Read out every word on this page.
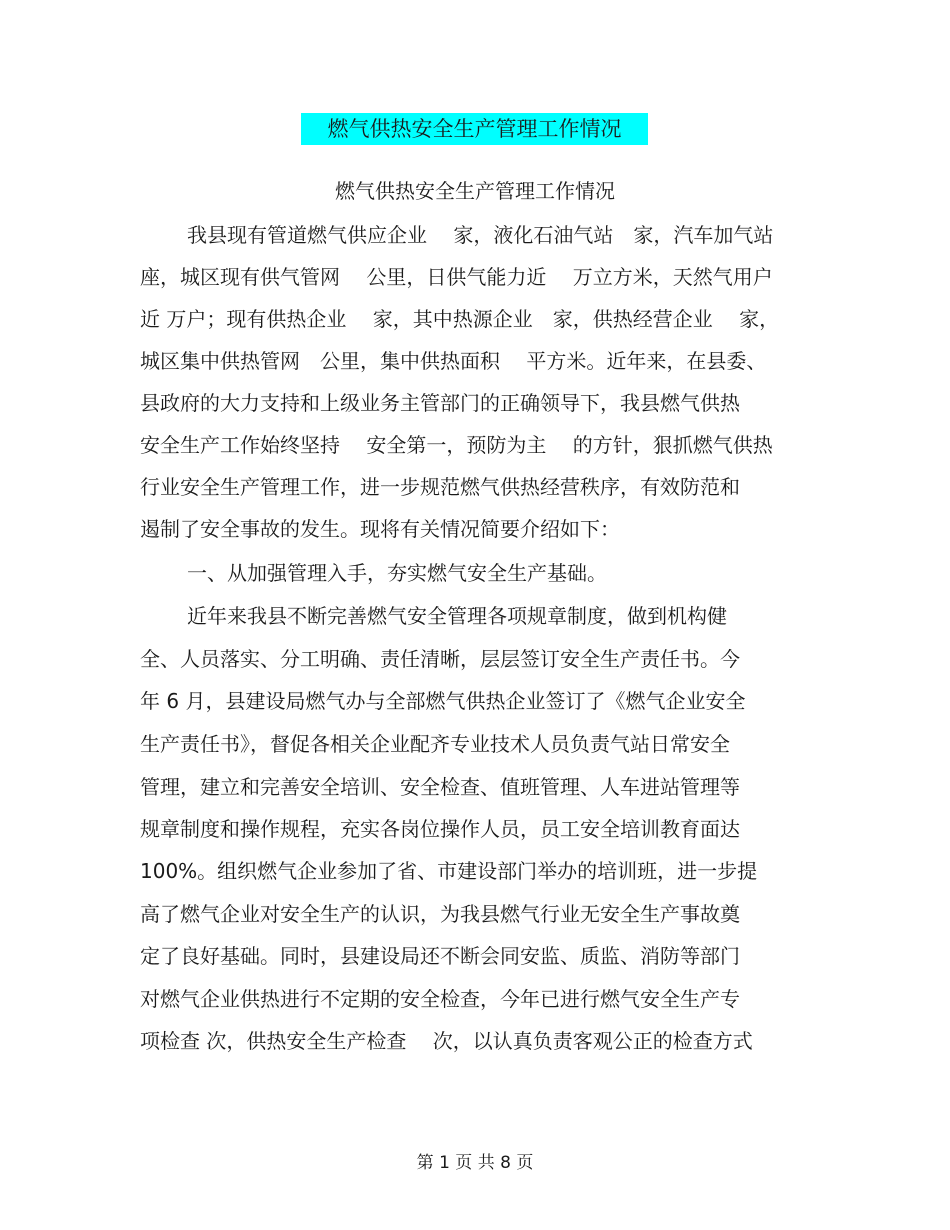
燃气供热安全生产管理工作情况
燃气供热安全生产管理工作情况
我县现有管道燃气供应企业　 家，液化石油气站　家，汽车加气站
座，城区现有供气管网　 公里，日供气能力近　 万立方米，天然气用户
近 万户；现有供热企业　 家，其中热源企业　家，供热经营企业　 家，
城区集中供热管网　公里，集中供热面积　 平方米。近年来，在县委、
县政府的大力支持和上级业务主管部门的正确领导下，我县燃气供热
安全生产工作始终坚持　 安全第一，预防为主　 的方针，狠抓燃气供热
行业安全生产管理工作，进一步规范燃气供热经营秩序，有效防范和
遏制了安全事故的发生。现将有关情况简要介绍如下：
一、从加强管理入手，夯实燃气安全生产基础。
近年来我县不断完善燃气安全管理各项规章制度，做到机构健
全、人员落实、分工明确、责任清晰，层层签订安全生产责任书。今
年 6 月，县建设局燃气办与全部燃气供热企业签订了《燃气企业安全
生产责任书》，督促各相关企业配齐专业技术人员负责气站日常安全
管理，建立和完善安全培训、安全检查、值班管理、人车进站管理等
规章制度和操作规程，充实各岗位操作人员，员工安全培训教育面达
100%。组织燃气企业参加了省、市建设部门举办的培训班，进一步提
高了燃气企业对安全生产的认识，为我县燃气行业无安全生产事故奠
定了良好基础。同时，县建设局还不断会同安监、质监、消防等部门
对燃气企业供热进行不定期的安全检查，今年已进行燃气安全生产专
项检查 次，供热安全生产检查　 次，以认真负责客观公正的检查方式
第 1 页 共 8 页
